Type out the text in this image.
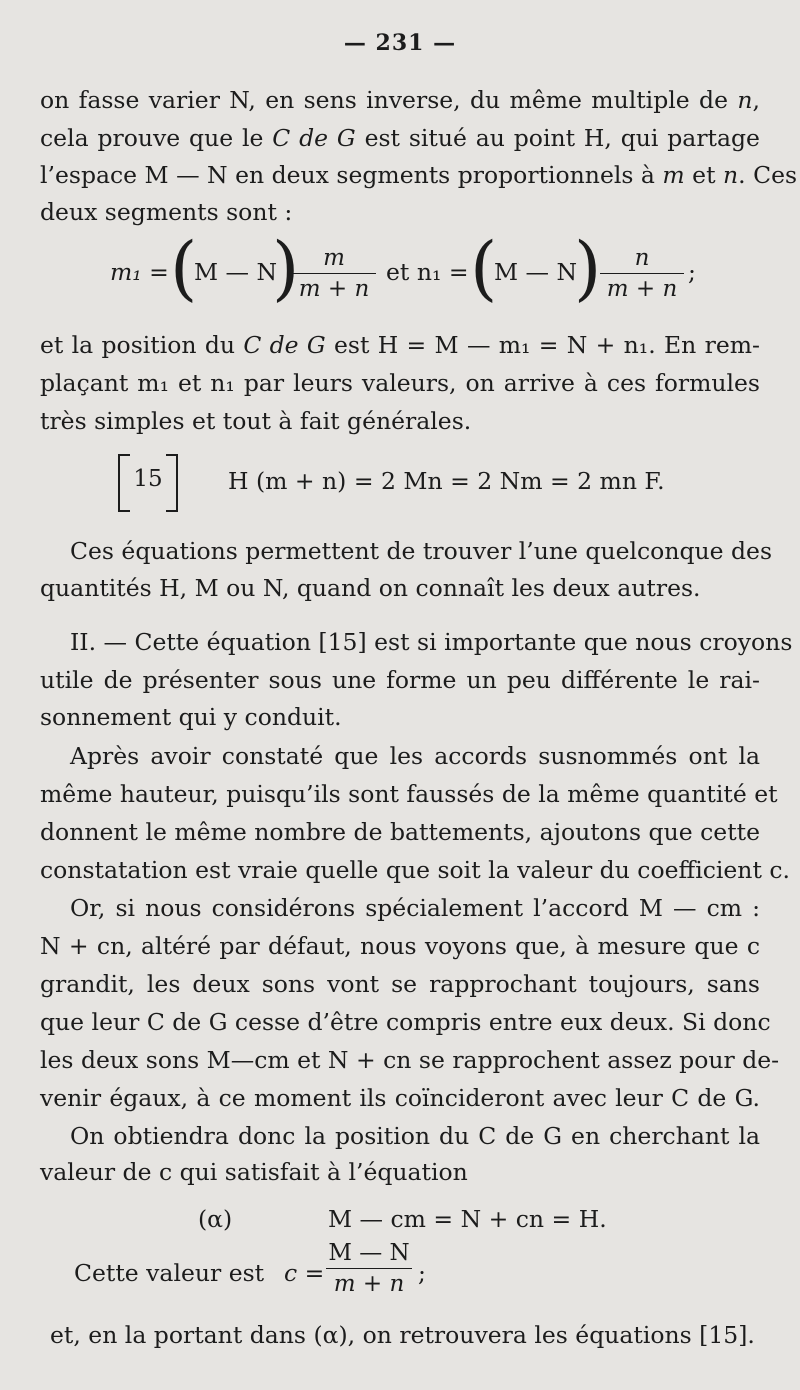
— 231 —
on fasse varier N, en sens inverse, du même multiple de n,
cela prouve que le C de G est situé au point H, qui partage
l’espace M — N en deux segments proportionnels à m et n. Ces
deux segments sont :
m₁ = (
M — N
)	m
m + n
et n₁ = (
M — N
)	n
m + n
;
et la position du C de G est H = M — m₁ = N + n₁. En rem-
plaçant m₁ et n₁ par leurs valeurs, on arrive à ces formules
très simples et tout à fait générales.
15	H (m + n) = 2 Mn = 2 Nm = 2 mn F.
Ces équations permettent de trouver l’une quelconque des
quantités H, M ou N, quand on connaît les deux autres.
II. — Cette équation [15] est si importante que nous croyons
utile de présenter sous une forme un peu différente le rai-
sonnement qui y conduit.
Après avoir constaté que les accords susnommés ont la
même hauteur, puisqu’ils sont faussés de la même quantité et
donnent le même nombre de battements, ajoutons que cette
constatation est vraie quelle que soit la valeur du coefficient c.
Or, si nous considérons spécialement l’accord M — cm :
N + cn, altéré par défaut, nous voyons que, à mesure que c
grandit, les deux sons vont se rapprochant toujours, sans
que leur C de G cesse d’être compris entre eux deux. Si donc
les deux sons M—cm et N + cn se rapprochent assez pour de-
venir égaux, à ce moment ils coïncideront avec leur C de G.
On obtiendra donc la position du C de G en cherchant la
valeur de c qui satisfait à l’équation
(α)	M — cm = N + cn = H.
Cette valeur est c =
M — N
m + n ;
et, en la portant dans (α), on retrouvera les équations [15].
